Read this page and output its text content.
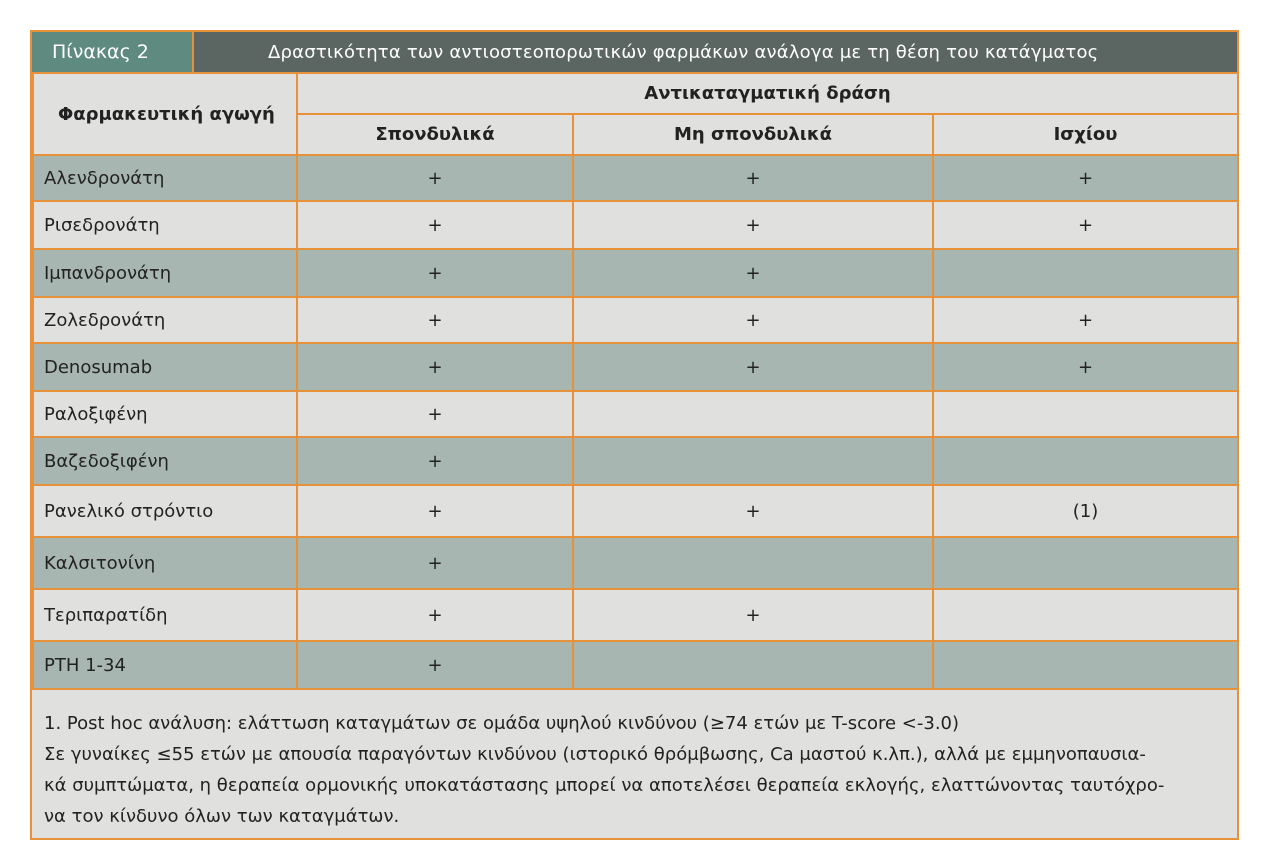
Πίνακας 2	Δραστικότητα των αντιοστεοπορωτικών φαρμάκων ανάλογα με τη θέση του κατάγματος
Φαρμακευτική αγωγή	Αντικαταγματική δράση		
	Σπονδυλικά	Μη σπονδυλικά	Ισχίου
Αλενδρονάτη	+	+	+
Ρισεδρονάτη	+	+	+
Ιμπανδρονάτη	+	+	
Ζολεδρονάτη	+	+	+
Denosumab	+	+	+
Ραλοξιφένη	+		
Βαζεδοξιφένη	+		
Ρανελικό στρόντιο	+	+	(1)
Καλσιτονίνη	+		
Τεριπαρατίδη	+	+	
PTH 1-34	+		

1. Post hoc ανάλυση: ελάττωση καταγμάτων σε ομάδα υψηλού κινδύνου (≥74 ετών με T-score <-3.0)

Σε γυναίκες ≤55 ετών με απουσία παραγόντων κινδύνου (ιστορικό θρόμβωσης, Ca μαστού κ.λπ.), αλλά με εμμηνοπαυσια-

κά συμπτώματα, η θεραπεία ορμονικής υποκατάστασης μπορεί να αποτελέσει θεραπεία εκλογής, ελαττώνοντας ταυτόχρο-

να τον κίνδυνο όλων των καταγμάτων.
